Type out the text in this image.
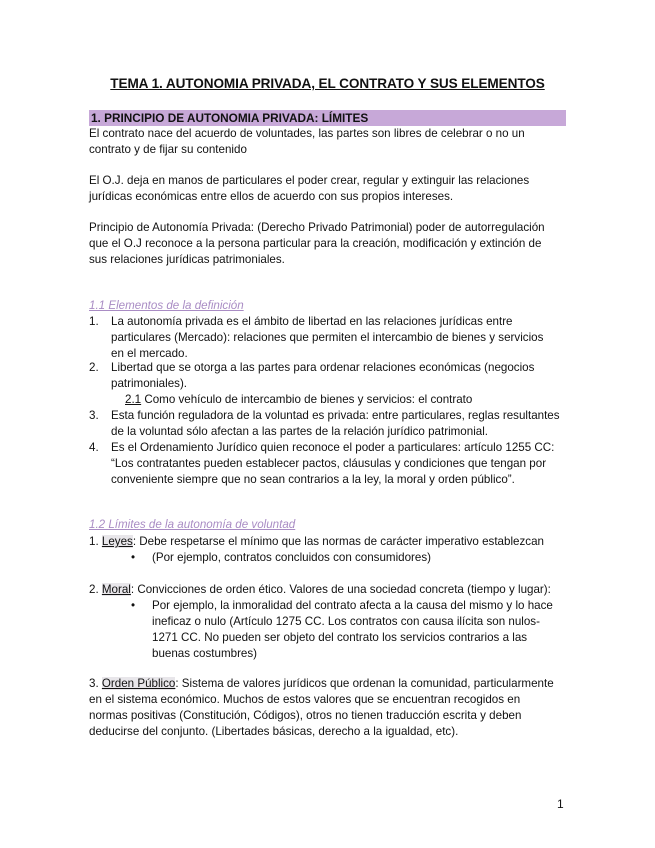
TEMA 1. AUTONOMIA PRIVADA, EL CONTRATO Y SUS ELEMENTOS
1. PRINCIPIO DE AUTONOMIA PRIVADA: LÍMITES
El contrato nace del acuerdo de voluntades, las partes son libres de celebrar o no un
contrato y de fijar su contenido
El O.J. deja en manos de particulares el poder crear, regular y extinguir las relaciones
jurídicas económicas entre ellos de acuerdo con sus propios intereses.
Principio de Autonomía Privada: (Derecho Privado Patrimonial) poder de autorregulación
que el O.J reconoce a la persona particular para la creación, modificación y extinción de
sus relaciones jurídicas patrimoniales.
1.1 Elementos de la definición
1. La autonomía privada es el ámbito de libertad en las relaciones jurídicas entre
particulares (Mercado): relaciones que permiten el intercambio de bienes y servicios
en el mercado.
2. Libertad que se otorga a las partes para ordenar relaciones económicas (negocios
patrimoniales).
2.1 Como vehículo de intercambio de bienes y servicios: el contrato
3. Esta función reguladora de la voluntad es privada: entre particulares, reglas resultantes
de la voluntad sólo afectan a las partes de la relación jurídico patrimonial.
4. Es el Ordenamiento Jurídico quien reconoce el poder a particulares: artículo 1255 CC:
“Los contratantes pueden establecer pactos, cláusulas y condiciones que tengan por
conveniente siempre que no sean contrarios a la ley, la moral y orden público”.
1.2 Límites de la autonomía de voluntad
1. Leyes: Debe respetarse el mínimo que las normas de carácter imperativo establezcan
• (Por ejemplo, contratos concluidos con consumidores)
2. Moral: Convicciones de orden ético. Valores de una sociedad concreta (tiempo y lugar):
• Por ejemplo, la inmoralidad del contrato afecta a la causa del mismo y lo hace
ineficaz o nulo (Artículo 1275 CC. Los contratos con causa ilícita son nulos-
1271 CC. No pueden ser objeto del contrato los servicios contrarios a las
buenas costumbres)
3. Orden Público: Sistema de valores jurídicos que ordenan la comunidad, particularmente
en el sistema económico. Muchos de estos valores que se encuentran recogidos en
normas positivas (Constitución, Códigos), otros no tienen traducción escrita y deben
deducirse del conjunto. (Libertades básicas, derecho a la igualdad, etc).
1
